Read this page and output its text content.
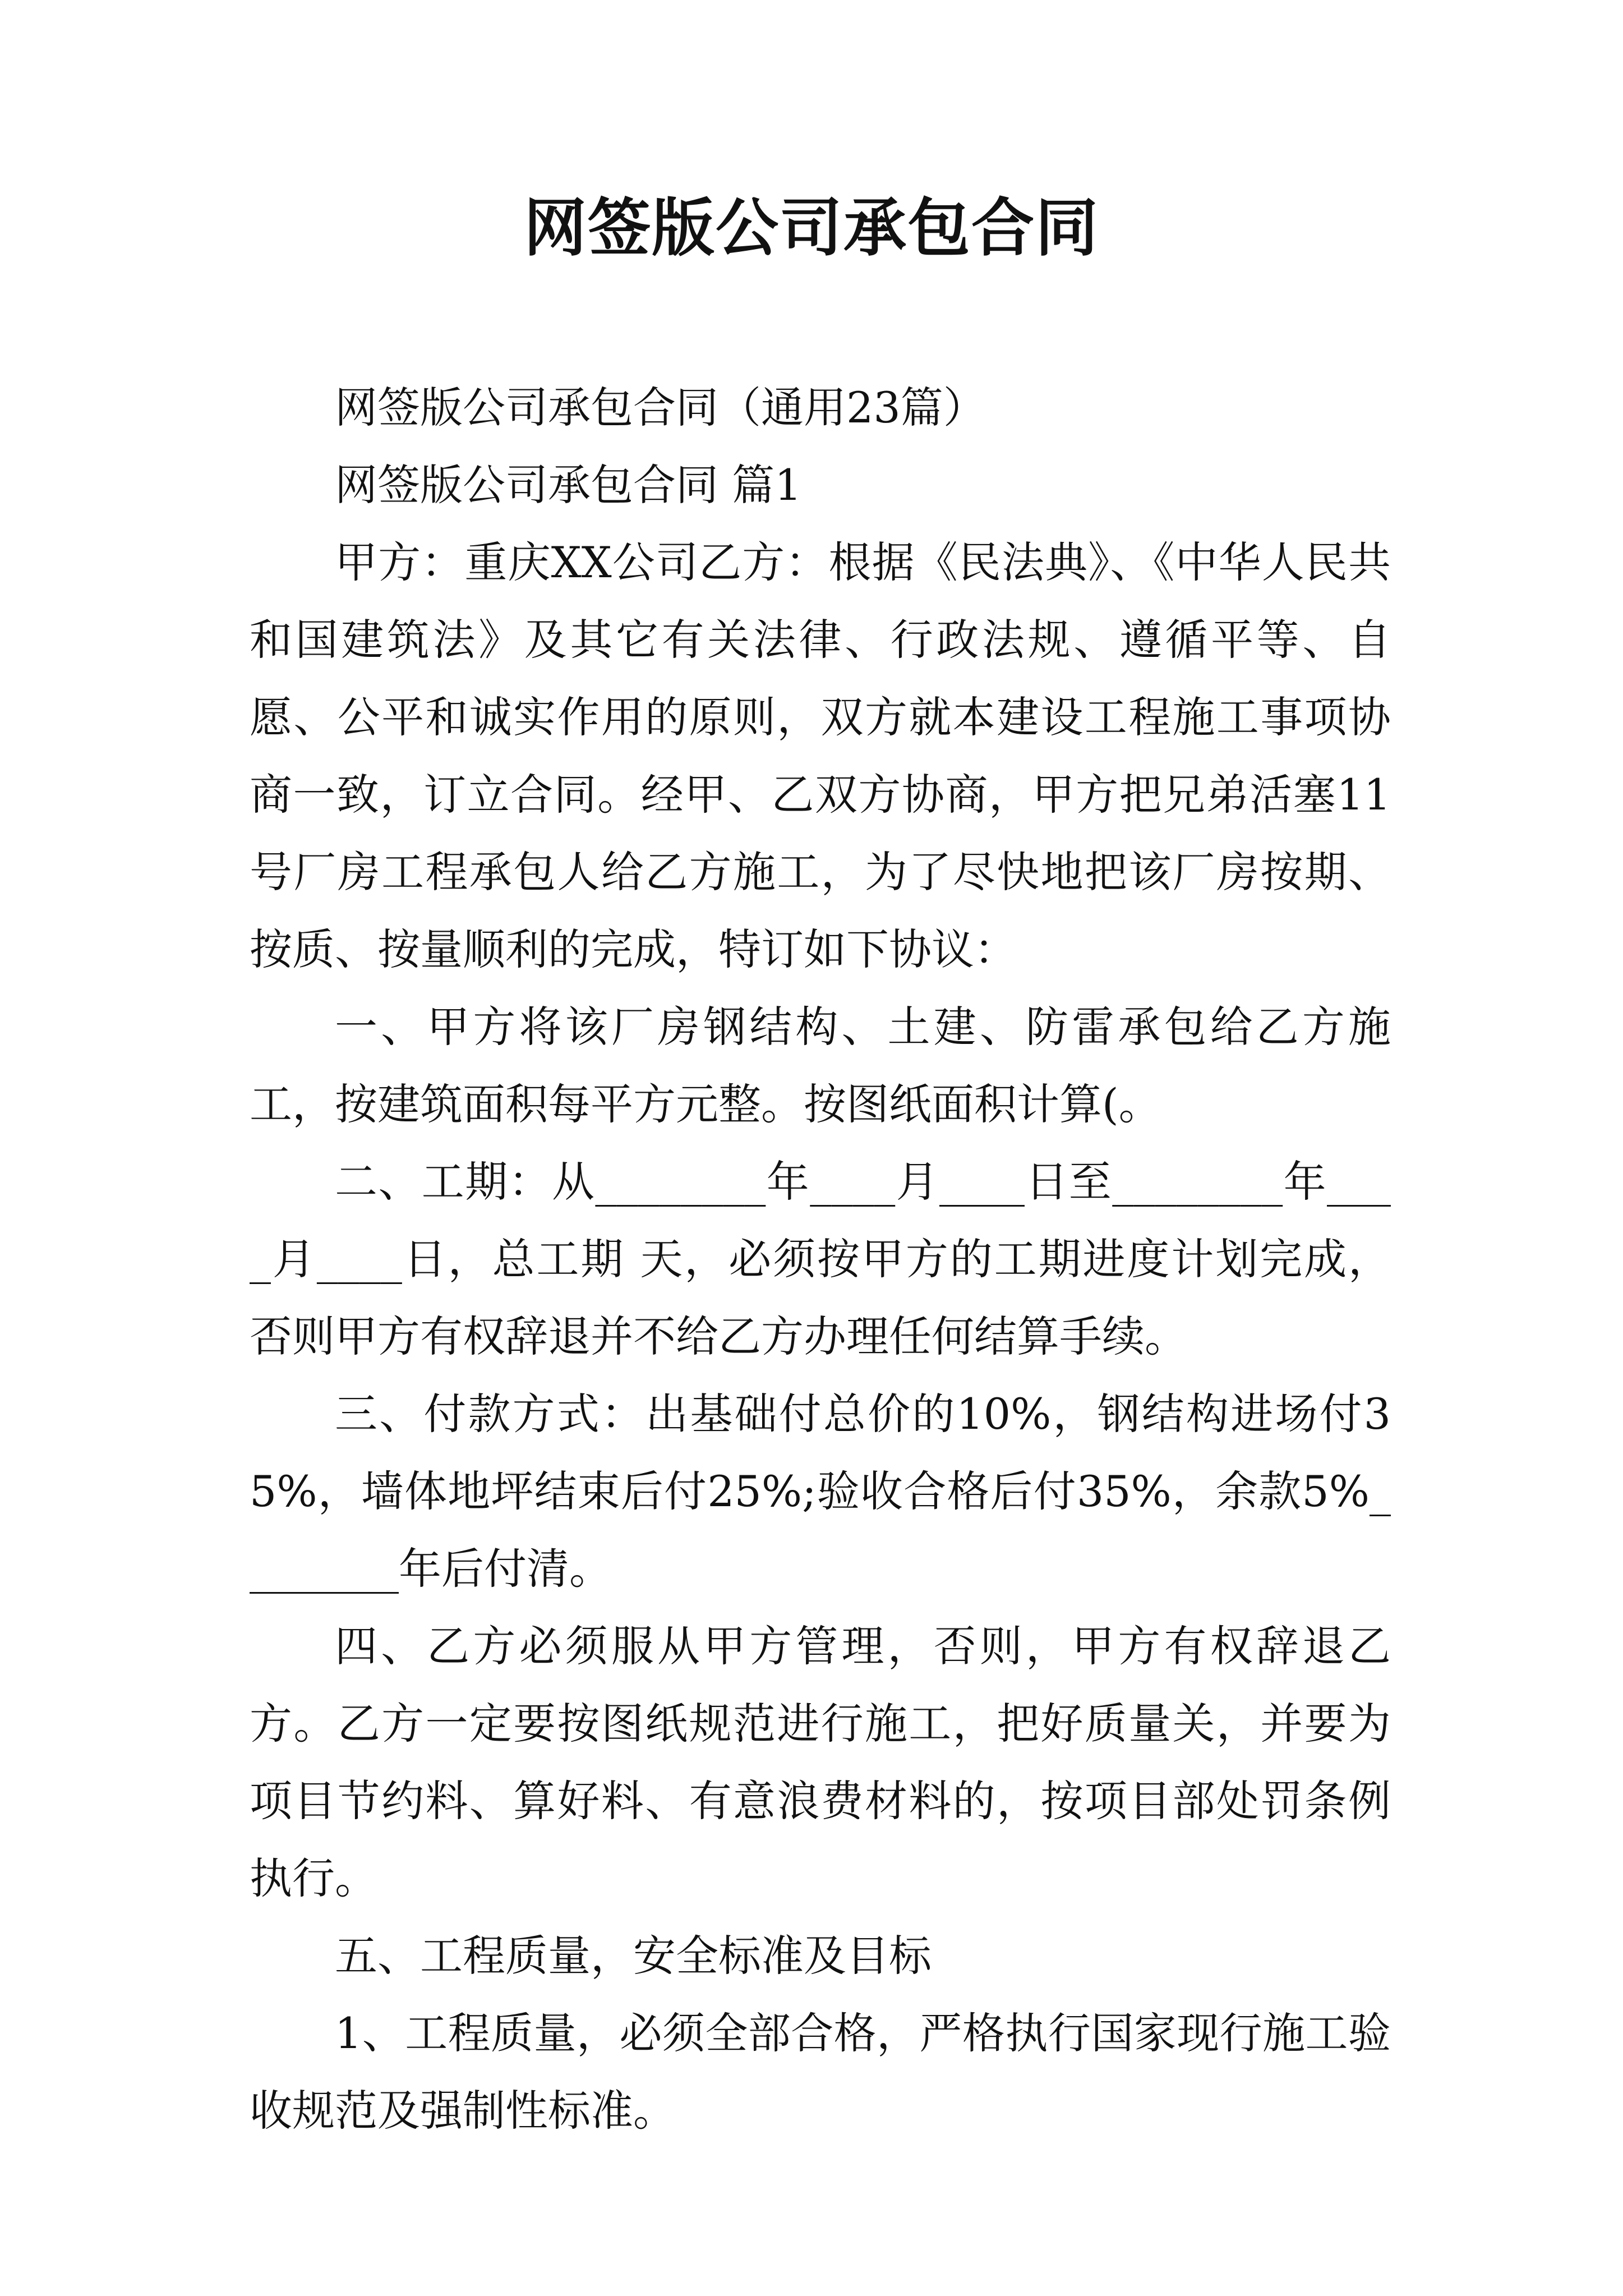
网签版公司承包合同

网签版公司承包合同（通用23篇）

网签版公司承包合同 篇1

甲方：重庆XX公司乙方：根据《民法典》、《中华人民共和国建筑法》及其它有关法律、行政法规、遵循平等、自愿、公平和诚实作用的原则，双方就本建设工程施工事项协商一致，订立合同。经甲、乙双方协商，甲方把兄弟活塞11号厂房工程承包人给乙方施工，为了尽快地把该厂房按期、按质、按量顺利的完成，特订如下协议：

一、甲方将该厂房钢结构、土建、防雷承包给乙方施工，按建筑面积每平方元整。按图纸面积计算(。

二、工期：从________年____月____日至________年____月____日，总工期 天，必须按甲方的工期进度计划完成，否则甲方有权辞退并不给乙方办理任何结算手续。

三、付款方式：出基础付总价的10%，钢结构进场付35%，墙体地坪结束后付25%;验收合格后付35%，余款5%________年后付清。

四、乙方必须服从甲方管理，否则，甲方有权辞退乙方。乙方一定要按图纸规范进行施工，把好质量关，并要为项目节约料、算好料、有意浪费材料的，按项目部处罚条例执行。

五、工程质量，安全标准及目标

1、工程质量，必须全部合格，严格执行国家现行施工验收规范及强制性标准。
